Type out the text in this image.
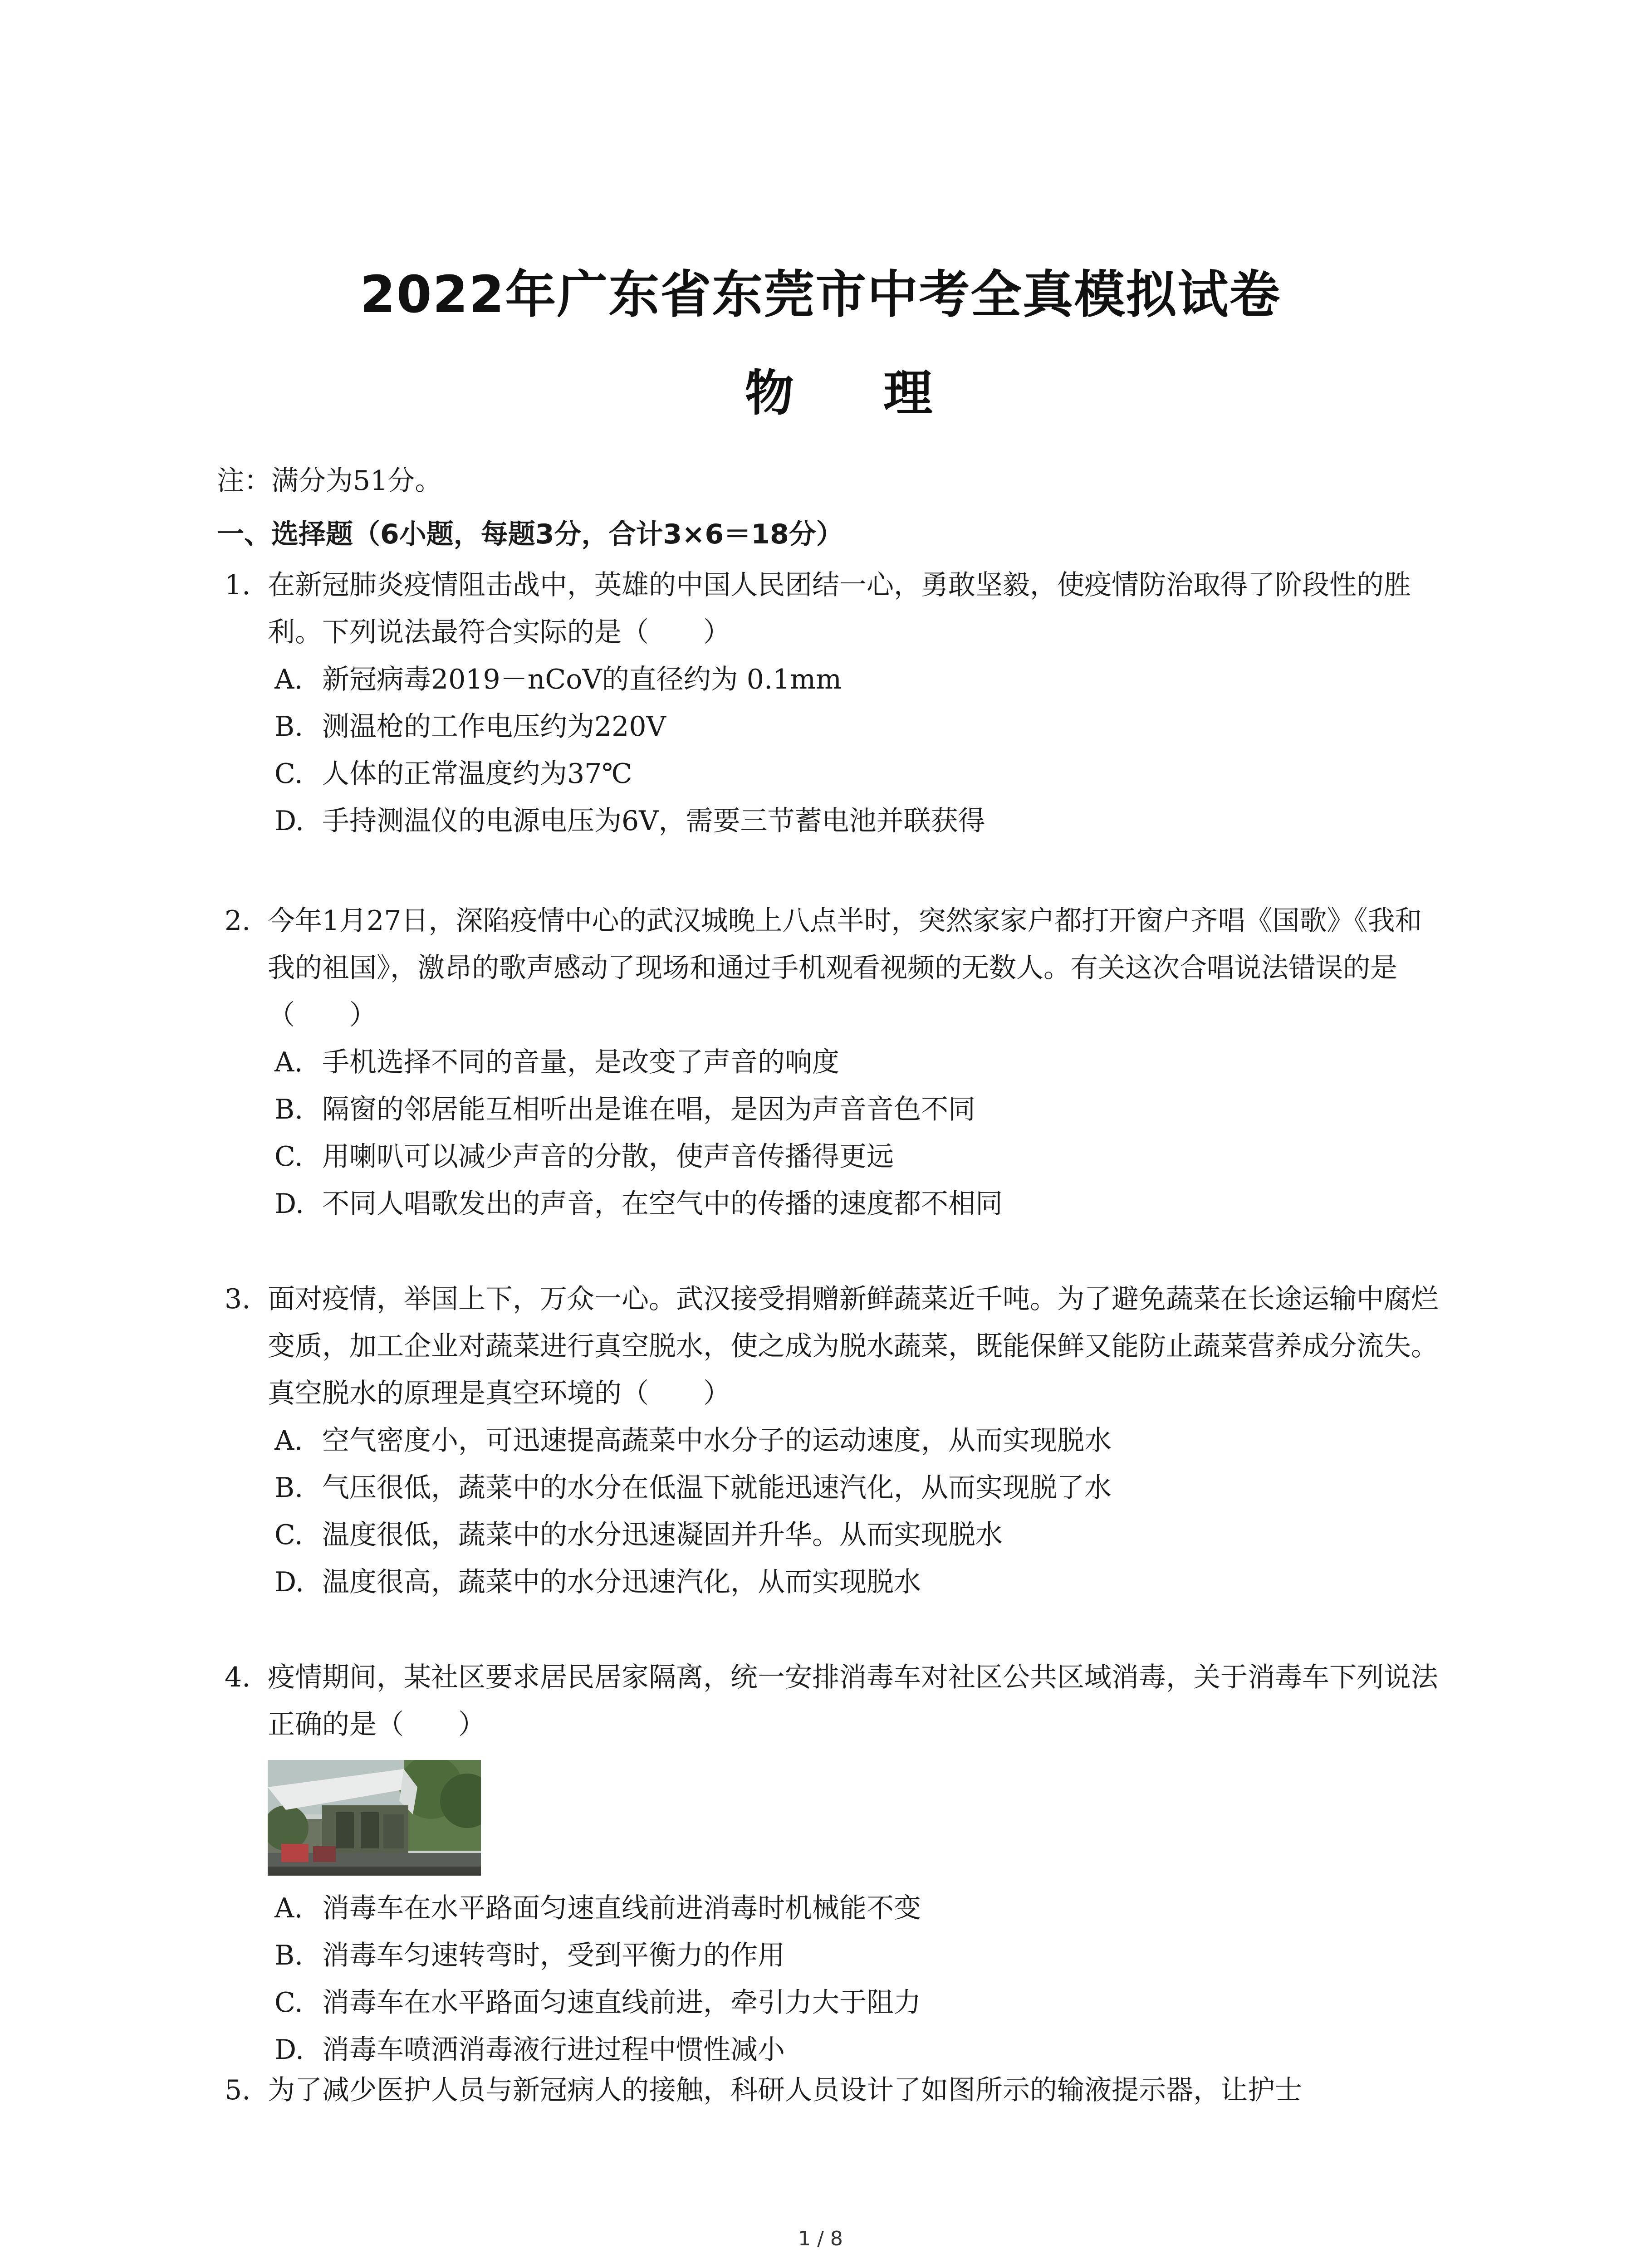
2022年广东省东莞市中考全真模拟试卷
物 理
注：满分为51分。
一、选择题（6小题，每题3分，合计3×6＝18分）
1. 在新冠肺炎疫情阻击战中，英雄的中国人民团结一心，勇敢坚毅，使疫情防治取得了阶段性的胜利。下列说法最符合实际的是（　　）
A. 新冠病毒2019－nCoV的直径约为 0.1mm
B. 测温枪的工作电压约为220V
C. 人体的正常温度约为37℃
D. 手持测温仪的电源电压为6V，需要三节蓄电池并联获得
2. 今年1月27日，深陷疫情中心的武汉城晚上八点半时，突然家家户都打开窗户齐唱《国歌》《我和我的祖国》，激昂的歌声感动了现场和通过手机观看视频的无数人。有关这次合唱说法错误的是（　　）
A. 手机选择不同的音量，是改变了声音的响度
B. 隔窗的邻居能互相听出是谁在唱，是因为声音音色不同
C. 用喇叭可以减少声音的分散，使声音传播得更远
D. 不同人唱歌发出的声音，在空气中的传播的速度都不相同
3. 面对疫情，举国上下，万众一心。武汉接受捐赠新鲜蔬菜近千吨。为了避免蔬菜在长途运输中腐烂变质，加工企业对蔬菜进行真空脱水，使之成为脱水蔬菜，既能保鲜又能防止蔬菜营养成分流失。真空脱水的原理是真空环境的（　　）
A. 空气密度小，可迅速提高蔬菜中水分子的运动速度，从而实现脱水
B. 气压很低，蔬菜中的水分在低温下就能迅速汽化，从而实现脱了水
C. 温度很低，蔬菜中的水分迅速凝固并升华。从而实现脱水
D. 温度很高，蔬菜中的水分迅速汽化，从而实现脱水
4. 疫情期间，某社区要求居民居家隔离，统一安排消毒车对社区公共区域消毒，关于消毒车下列说法正确的是（　　）
A. 消毒车在水平路面匀速直线前进消毒时机械能不变
B. 消毒车匀速转弯时，受到平衡力的作用
C. 消毒车在水平路面匀速直线前进，牵引力大于阻力
D. 消毒车喷洒消毒液行进过程中惯性减小
5. 为了减少医护人员与新冠病人的接触，科研人员设计了如图所示的输液提示器，让护士
1 / 8
